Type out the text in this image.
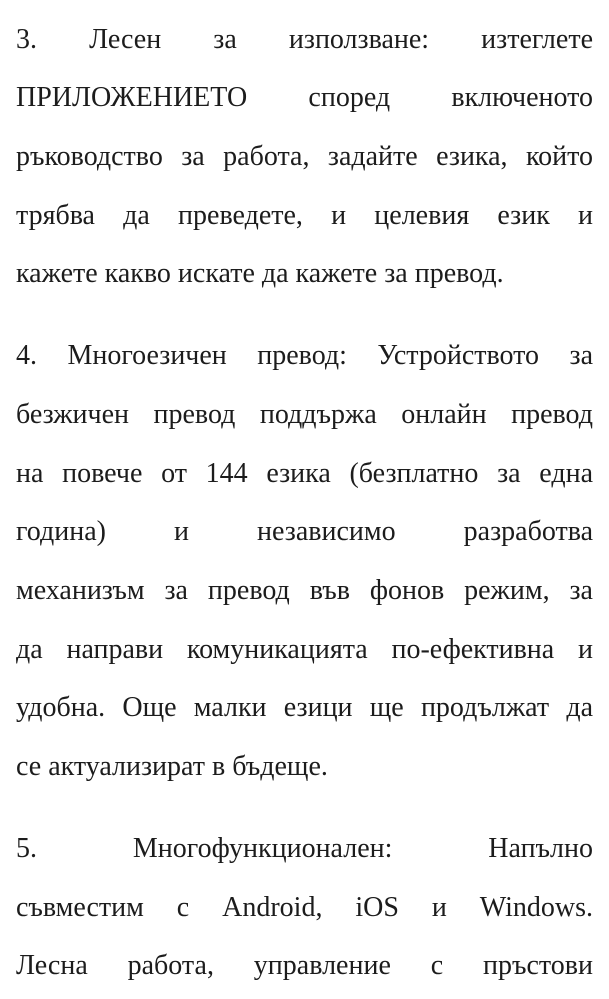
3. Лесен за използване: изтеглете
ПРИЛОЖЕНИЕТО според включеното
ръководство за работа, задайте езика, който
трябва да преведете, и целевия език и
кажете какво искате да кажете за превод.
4. Многоезичен превод: Устройството за
безжичен превод поддържа онлайн превод
на повече от 144 езика (безплатно за една
година) и независимо разработва
механизъм за превод във фонов режим, за
да направи комуникацията по-ефективна и
удобна. Още малки езици ще продължат да
се актуализират в бъдеще.
5. Многофункционален: Напълно
съвместим с Android, iOS и Windows.
Лесна работа, управление с пръстови
